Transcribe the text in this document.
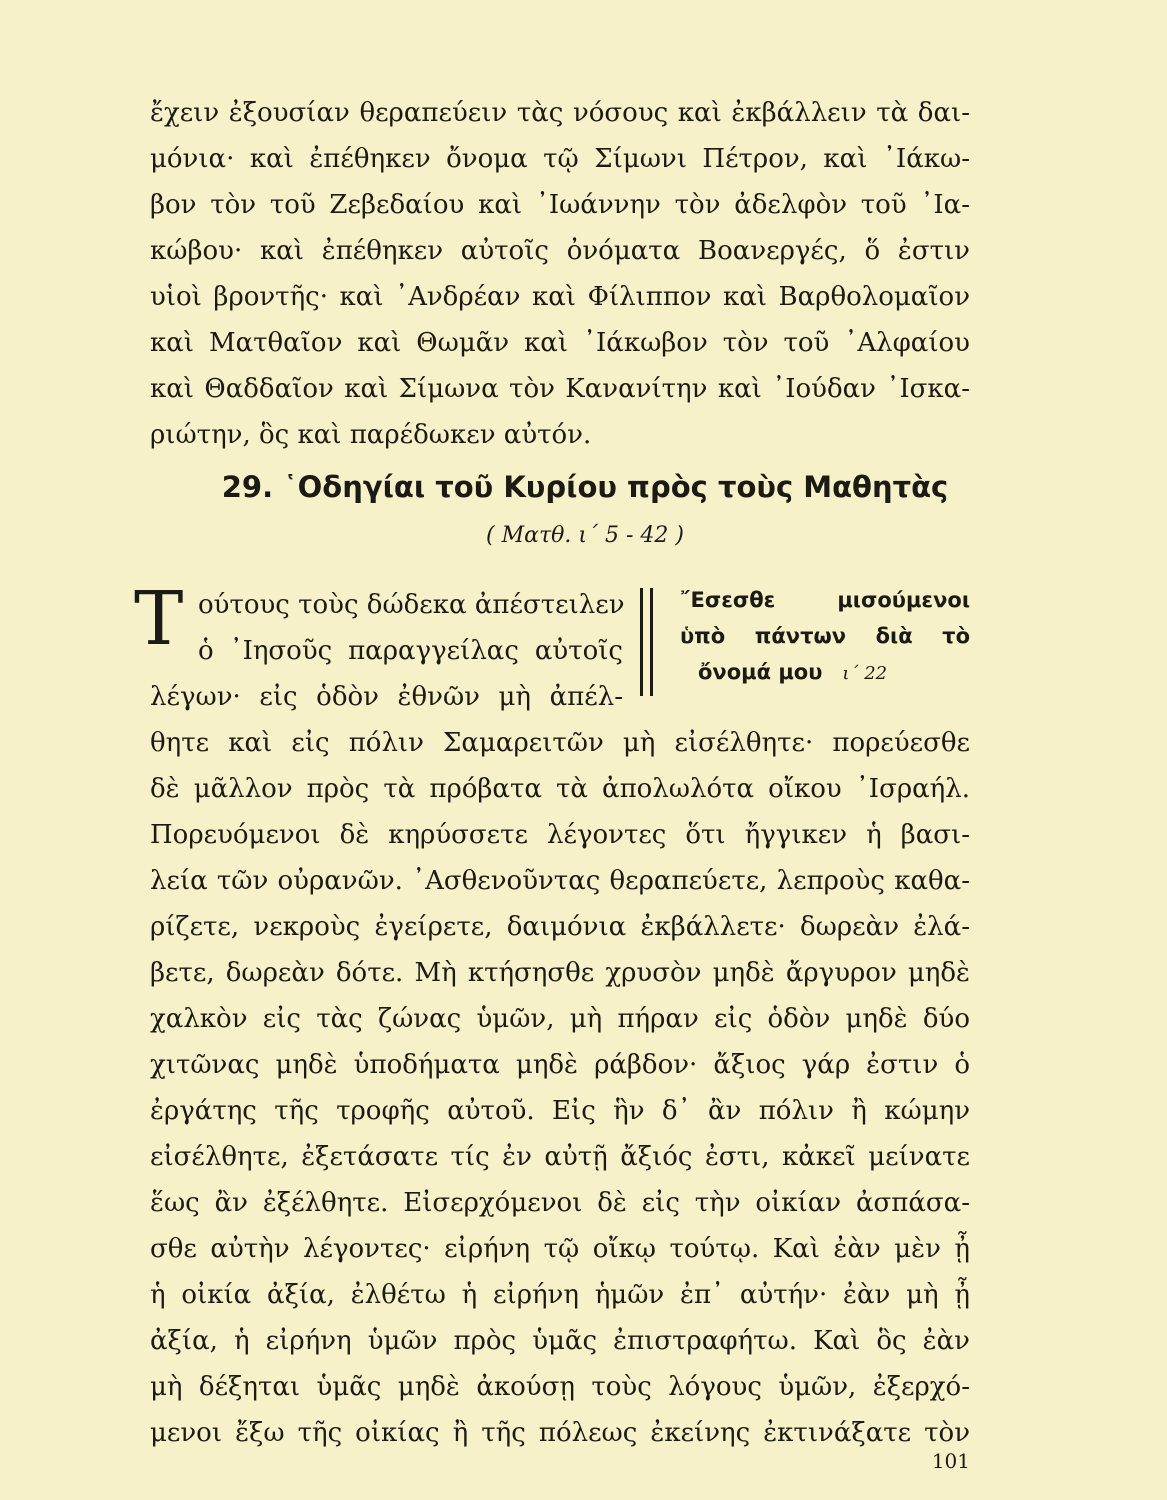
ἔχειν ἐξουσίαν θεραπεύειν τὰς νόσους καὶ ἐκβάλλειν τὰ δαι-
μόνια· καὶ ἐπέθηκεν ὄνομα τῷ Σίμωνι Πέτρον, καὶ ᾿Ιάκω-
βον τὸν τοῦ Ζεβεδαίου καὶ ᾿Ιωάννην τὸν ἀδελφὸν τοῦ ᾿Ια-
κώβου· καὶ ἐπέθηκεν αὐτοῖς ὀνόματα Βοανεργές, ὅ ἐστιν
υἱοὶ βροντῆς· καὶ ᾿Ανδρέαν καὶ Φίλιππον καὶ Βαρθολομαῖον
καὶ Ματθαῖον καὶ Θωμᾶν καὶ ᾿Ιάκωβον τὸν τοῦ ᾿Αλφαίου
καὶ Θαδδαῖον καὶ Σίμωνα τὸν Κανανίτην καὶ ᾿Ιούδαν ᾿Ισκα-
ριώτην, ὃς καὶ παρέδωκεν αὐτόν.
29. ῾Οδηγίαι τοῦ Κυρίου πρὸς τοὺς Μαθητὰς
( Ματθ. ι΄ 5 - 42 )
Τ ούτους τοὺς δώδεκα ἀπέστειλεν
ὁ ᾿Ιησοῦς παραγγείλας αὐτοῖς
λέγων· εἰς ὁδὸν ἐθνῶν μὴ ἀπέλ-
῎Εσεσθε μισούμενοι
ὑπὸ πάντων διὰ τὸ
ὄνομά μου ι΄ 22
θητε καὶ εἰς πόλιν Σαμαρειτῶν μὴ εἰσέλθητε· πορεύεσθε
δὲ μᾶλλον πρὸς τὰ πρόβατα τὰ ἀπολωλότα οἴκου ᾿Ισραήλ.
Πορευόμενοι δὲ κηρύσσετε λέγοντες ὅτι ἤγγικεν ἡ βασι-
λεία τῶν οὐρανῶν. ᾿Ασθενοῦντας θεραπεύετε, λεπροὺς καθα-
ρίζετε, νεκροὺς ἐγείρετε, δαιμόνια ἐκβάλλετε· δωρεὰν ἐλά-
βετε, δωρεὰν δότε. Μὴ κτήσησθε χρυσὸν μηδὲ ἄργυρον μηδὲ
χαλκὸν εἰς τὰς ζώνας ὑμῶν, μὴ πήραν εἰς ὁδὸν μηδὲ δύο
χιτῶνας μηδὲ ὑποδήματα μηδὲ ράβδον· ἄξιος γάρ ἐστιν ὁ
ἐργάτης τῆς τροφῆς αὐτοῦ. Εἰς ἣν δ᾿ ἂν πόλιν ἢ κώμην
εἰσέλθητε, ἐξετάσατε τίς ἐν αὐτῇ ἄξιός ἐστι, κἀκεῖ μείνατε
ἕως ἂν ἐξέλθητε. Εἰσερχόμενοι δὲ εἰς τὴν οἰκίαν ἀσπάσα-
σθε αὐτὴν λέγοντες· εἰρήνη τῷ οἴκῳ τούτῳ. Καὶ ἐὰν μὲν ᾖ
ἡ οἰκία ἀξία, ἐλθέτω ἡ εἰρήνη ἡμῶν ἐπ᾿ αὐτήν· ἐὰν μὴ ᾖ
ἀξία, ἡ εἰρήνη ὑμῶν πρὸς ὑμᾶς ἐπιστραφήτω. Καὶ ὃς ἐὰν
μὴ δέξηται ὑμᾶς μηδὲ ἀκούσῃ τοὺς λόγους ὑμῶν, ἐξερχό-
μενοι ἔξω τῆς οἰκίας ἢ τῆς πόλεως ἐκείνης ἐκτινάξατε τὸν
101
